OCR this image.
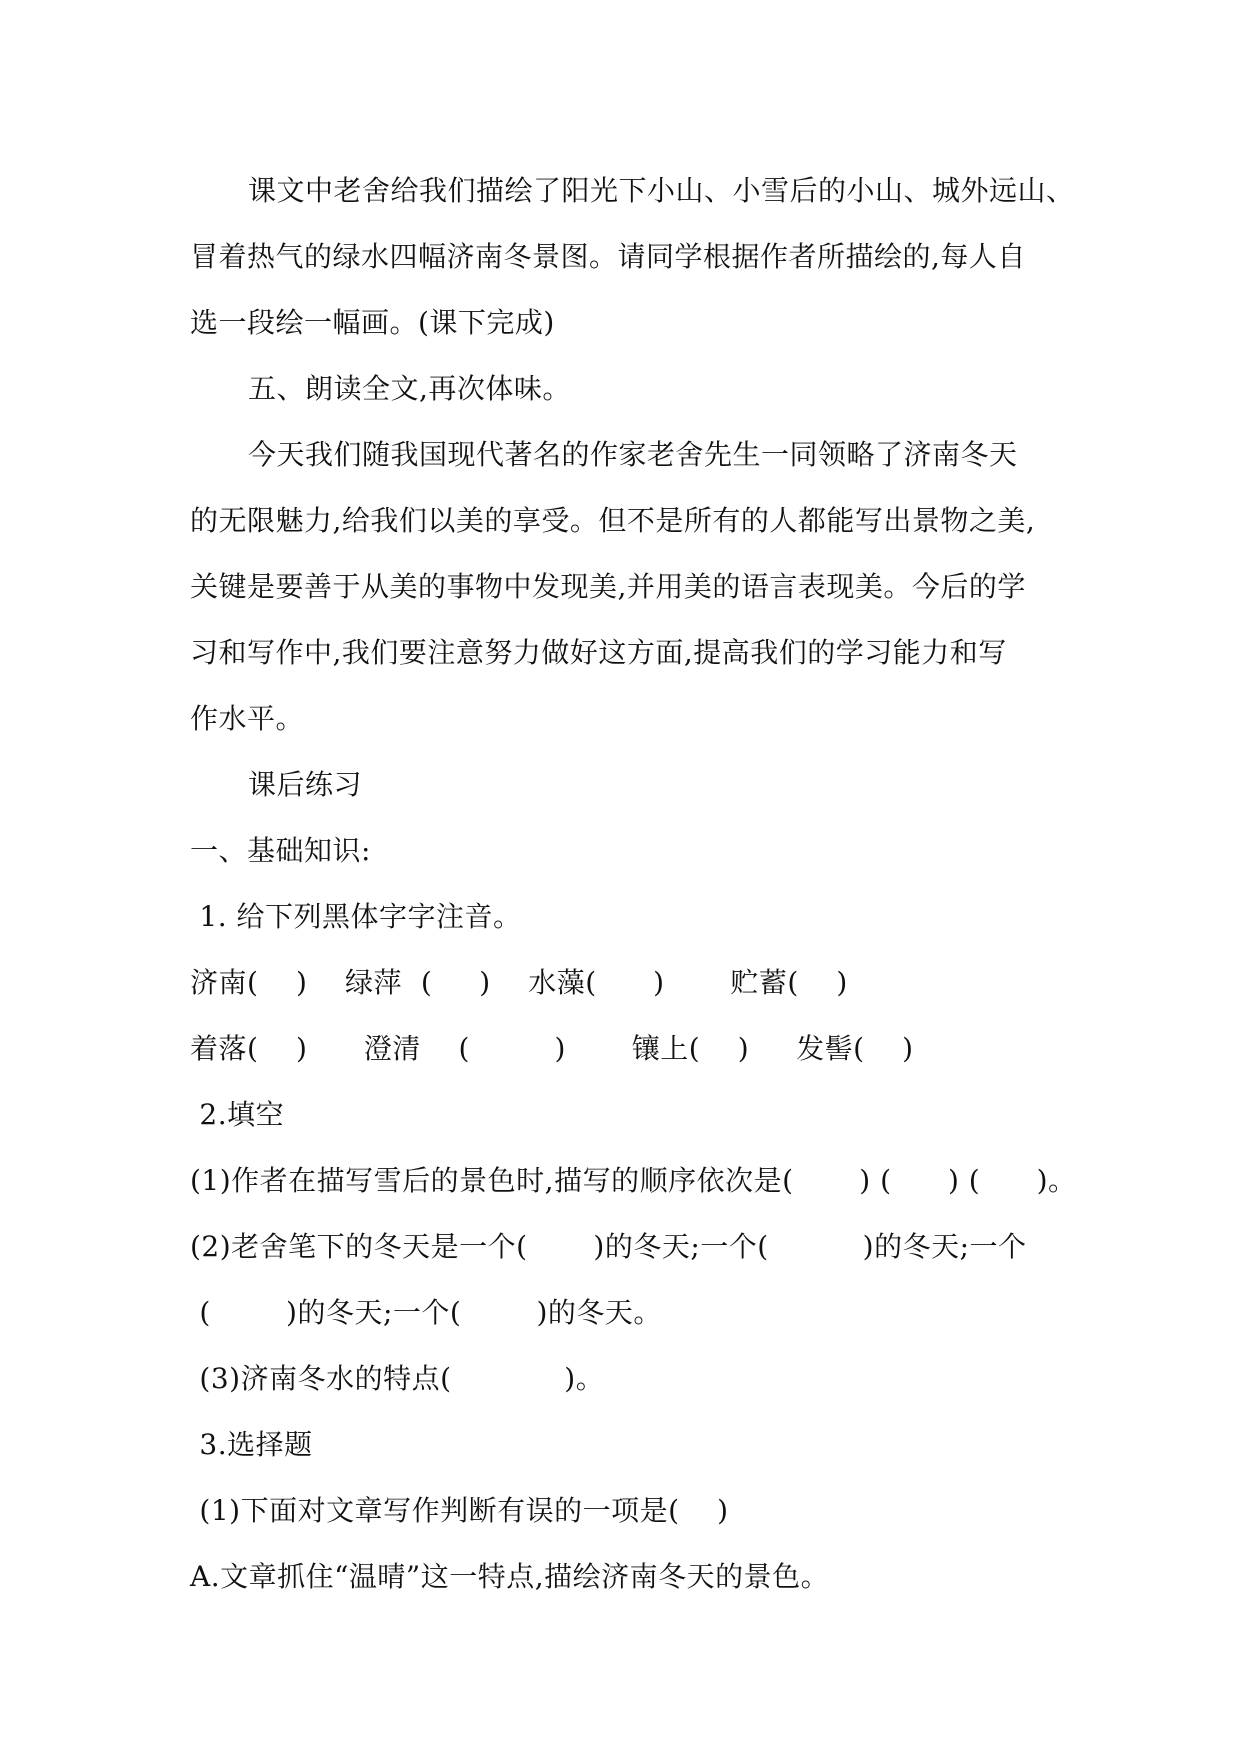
课文中老舍给我们描绘了阳光下小山、小雪后的小山、城外远山、
冒着热气的绿水四幅济南冬景图。请同学根据作者所描绘的,每人自
选一段绘一幅画。(课下完成)
五、朗读全文,再次体味。
今天我们随我国现代著名的作家老舍先生一同领略了济南冬天
的无限魅力,给我们以美的享受。但不是所有的人都能写出景物之美,
关键是要善于从美的事物中发现美,并用美的语言表现美。今后的学
习和写作中,我们要注意努力做好这方面,提高我们的学习能力和写
作水平。
课后练习
一、基础知识:
1. 给下列黑体字字注音。
济南(    )    绿萍  (     )    水藻(      )       贮蓄(    )
着落(    )      澄清    (         )       镶上(    )     发髻(    )
2.填空
(1)作者在描写雪后的景色时,描写的顺序依次是(       ) (      ) (      )。
(2)老舍笔下的冬天是一个(       )的冬天;一个(          )的冬天;一个
(        )的冬天;一个(        )的冬天。
(3)济南冬水的特点(            )。
3.选择题
(1)下面对文章写作判断有误的一项是(    )
A.文章抓住“温晴”这一特点,描绘济南冬天的景色。
